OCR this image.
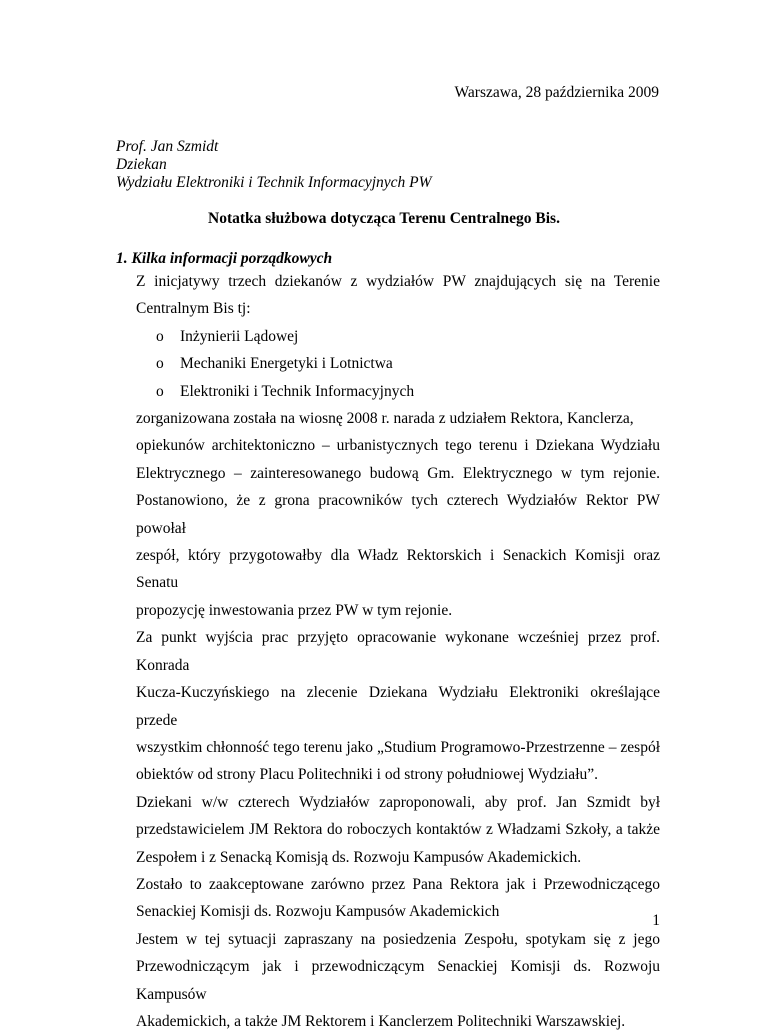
Warszawa, 28 października 2009
Prof. Jan Szmidt
Dziekan
Wydziału Elektroniki i Technik Informacyjnych PW
Notatka służbowa dotycząca Terenu Centralnego Bis.
1. Kilka informacji porządkowych

Z inicjatywy trzech dziekanów z wydziałów PW znajdujących się na Terenie
Centralnym Bis tj:

o Inżynierii Lądowej
o Mechaniki Energetyki i Lotnictwa
o Elektroniki i Technik Informacyjnych

zorganizowana została na wiosnę 2008 r. narada z udziałem Rektora, Kanclerza,
opiekunów architektoniczno – urbanistycznych tego terenu i Dziekana Wydziału
Elektrycznego – zainteresowanego budową Gm. Elektrycznego w tym rejonie.
Postanowiono, że z grona pracowników tych czterech Wydziałów Rektor PW powołał
zespół, który przygotowałby dla Władz Rektorskich i Senackich Komisji oraz Senatu
propozycję inwestowania przez PW w tym rejonie.

Za punkt wyjścia prac przyjęto opracowanie wykonane wcześniej przez prof. Konrada
Kucza-Kuczyńskiego na zlecenie Dziekana Wydziału Elektroniki określające przede
wszystkim chłonność tego terenu jako „Studium Programowo-Przestrzenne – zespół
obiektów od strony Placu Politechniki i od strony południowej Wydziału”.

Dziekani w/w czterech Wydziałów zaproponowali, aby prof. Jan Szmidt był
przedstawicielem JM Rektora do roboczych kontaktów z Władzami Szkoły, a także
Zespołem i z Senacką Komisją ds. Rozwoju Kampusów Akademickich.

Zostało to zaakceptowane zarówno przez Pana Rektora jak i Przewodniczącego
Senackiej Komisji ds. Rozwoju Kampusów Akademickich

Jestem w tej sytuacji zapraszany na posiedzenia Zespołu, spotykam się z jego
Przewodniczącym jak i przewodniczącym Senackiej Komisji ds. Rozwoju Kampusów
Akademickich, a także JM Rektorem i Kanclerzem Politechniki Warszawskiej.

1
